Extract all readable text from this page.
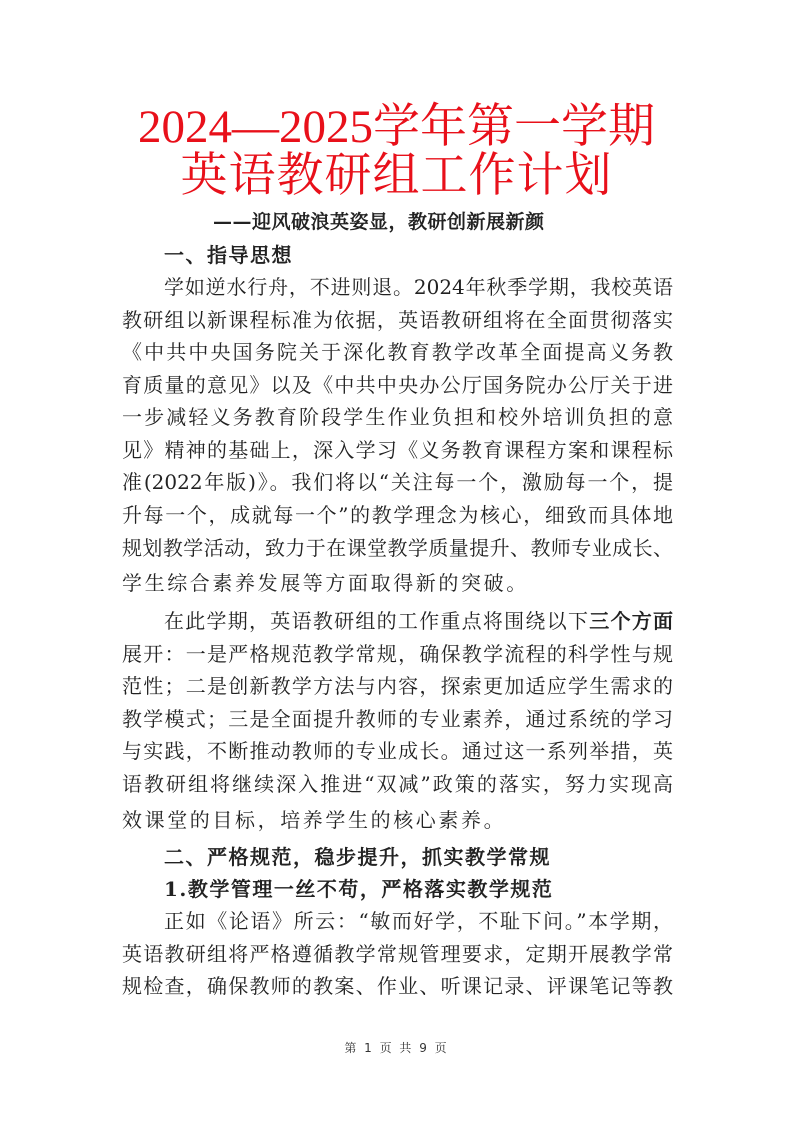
2024—2025学年第一学期
英语教研组工作计划
——迎风破浪英姿显，教研创新展新颜
一、指导思想
学如逆水行舟，不进则退。2024年秋季学期，我校英语
教研组以新课程标准为依据，英语教研组将在全面贯彻落实
《中共中央国务院关于深化教育教学改革全面提高义务教
育质量的意见》以及《中共中央办公厅国务院办公厅关于进
一步减轻义务教育阶段学生作业负担和校外培训负担的意
见》精神的基础上，深入学习《义务教育课程方案和课程标
准(2022年版)》。我们将以“关注每一个，激励每一个，提
升每一个，成就每一个”的教学理念为核心，细致而具体地
规划教学活动，致力于在课堂教学质量提升、教师专业成长、
学生综合素养发展等方面取得新的突破。
在此学期，英语教研组的工作重点将围绕以下三个方面
展开：一是严格规范教学常规，确保教学流程的科学性与规
范性；二是创新教学方法与内容，探索更加适应学生需求的
教学模式；三是全面提升教师的专业素养，通过系统的学习
与实践，不断推动教师的专业成长。通过这一系列举措，英
语教研组将继续深入推进“双减”政策的落实，努力实现高
效课堂的目标，培养学生的核心素养。
二、严格规范，稳步提升，抓实教学常规
1.教学管理一丝不苟，严格落实教学规范
正如《论语》所云：“敏而好学，不耻下问。”本学期，
英语教研组将严格遵循教学常规管理要求，定期开展教学常
规检查，确保教师的教案、作业、听课记录、评课笔记等教
第 1 页 共 9 页
